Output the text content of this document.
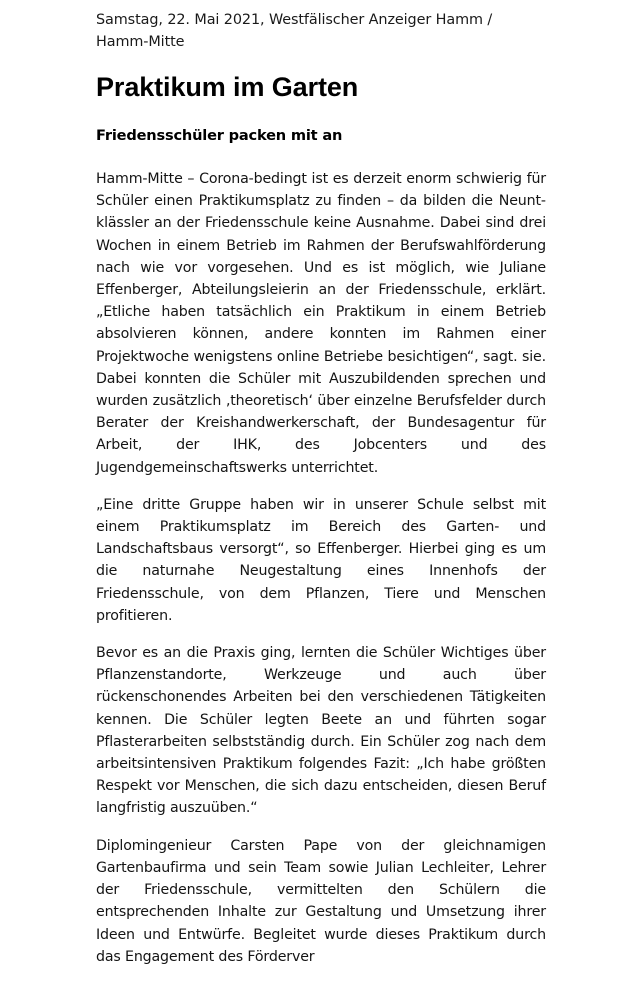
Samstag, 22. Mai 2021, Westfälischer Anzeiger Hamm / Hamm-Mitte

Praktikum im Garten
Friedensschüler packen mit an

Hamm-Mitte – Corona-bedingt ist es derzeit enorm schwierig für Schüler einen Praktikumsplatz zu finden – da bilden die Neuntklässler an der Friedensschule keine Ausnahme. Dabei sind drei Wochen in einem Betrieb im Rahmen der Berufswahlförderung nach wie vor vorgesehen. Und es ist möglich, wie Juliane Effenberger, Abteilungsleierin an der Friedensschule, erklärt. „Etliche haben tatsächlich ein Praktikum in einem Betrieb absolvieren können, andere konnten im Rahmen einer Projektwoche wenigstens online Betriebe besichtigen“, sagt. sie. Dabei konnten die Schüler mit Auszubildenden sprechen und wurden zusätzlich ‚theoretisch‘ über einzelne Berufsfelder durch Berater der Kreishandwerkerschaft, der Bundesagentur für Arbeit, der IHK, des Jobcenters und des Jugendgemeinschaftswerks unterrichtet.

„Eine dritte Gruppe haben wir in unserer Schule selbst mit einem Praktikumsplatz im Bereich des Garten- und Landschaftsbaus versorgt“, so Effenberger. Hierbei ging es um die naturnahe Neugestaltung eines Innenhofs der Friedensschule, von dem Pflanzen, Tiere und Menschen profitieren.

Bevor es an die Praxis ging, lernten die Schüler Wichtiges über Pflanzenstandorte, Werkzeuge und auch über rückenschonendes Arbeiten bei den verschiedenen Tätigkeiten kennen. Die Schüler legten Beete an und führten sogar Pflasterarbeiten selbstständig durch. Ein Schüler zog nach dem arbeitsintensiven Praktikum folgendes Fazit: „Ich habe größten Respekt vor Menschen, die sich dazu entscheiden, diesen Beruf langfristig auszuüben.“

Diplomingenieur Carsten Pape von der gleichnamigen Gartenbaufirma und sein Team sowie Julian Lechleiter, Lehrer der Friedensschule, vermittelten den Schülern die entsprechenden Inhalte zur Gestaltung und Umsetzung ihrer Ideen und Entwürfe. Begleitet wurde dieses Praktikum durch das Engagement des Förderver
